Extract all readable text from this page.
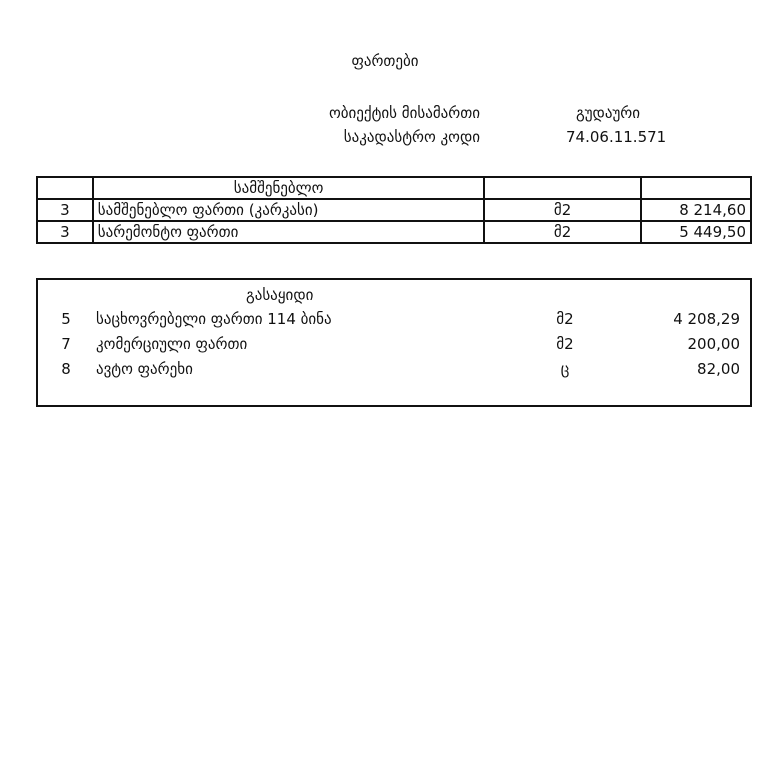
ფართები
ობიექტის მისამართი	გუდაური
საკადასტრო კოდი	74.06.11.571
	სამშენებლო		
3	სამშენებლო ფართი (კარკასი)	მ2	8 214,60
3	სარემონტო ფართი	მ2	5 449,50
გასაყიდი
5	საცხოვრებელი ფართი 114 ბინა	მ2	4 208,29
7	კომერციული ფართი	მ2	200,00
8	ავტო ფარეხი	ც	82,00
